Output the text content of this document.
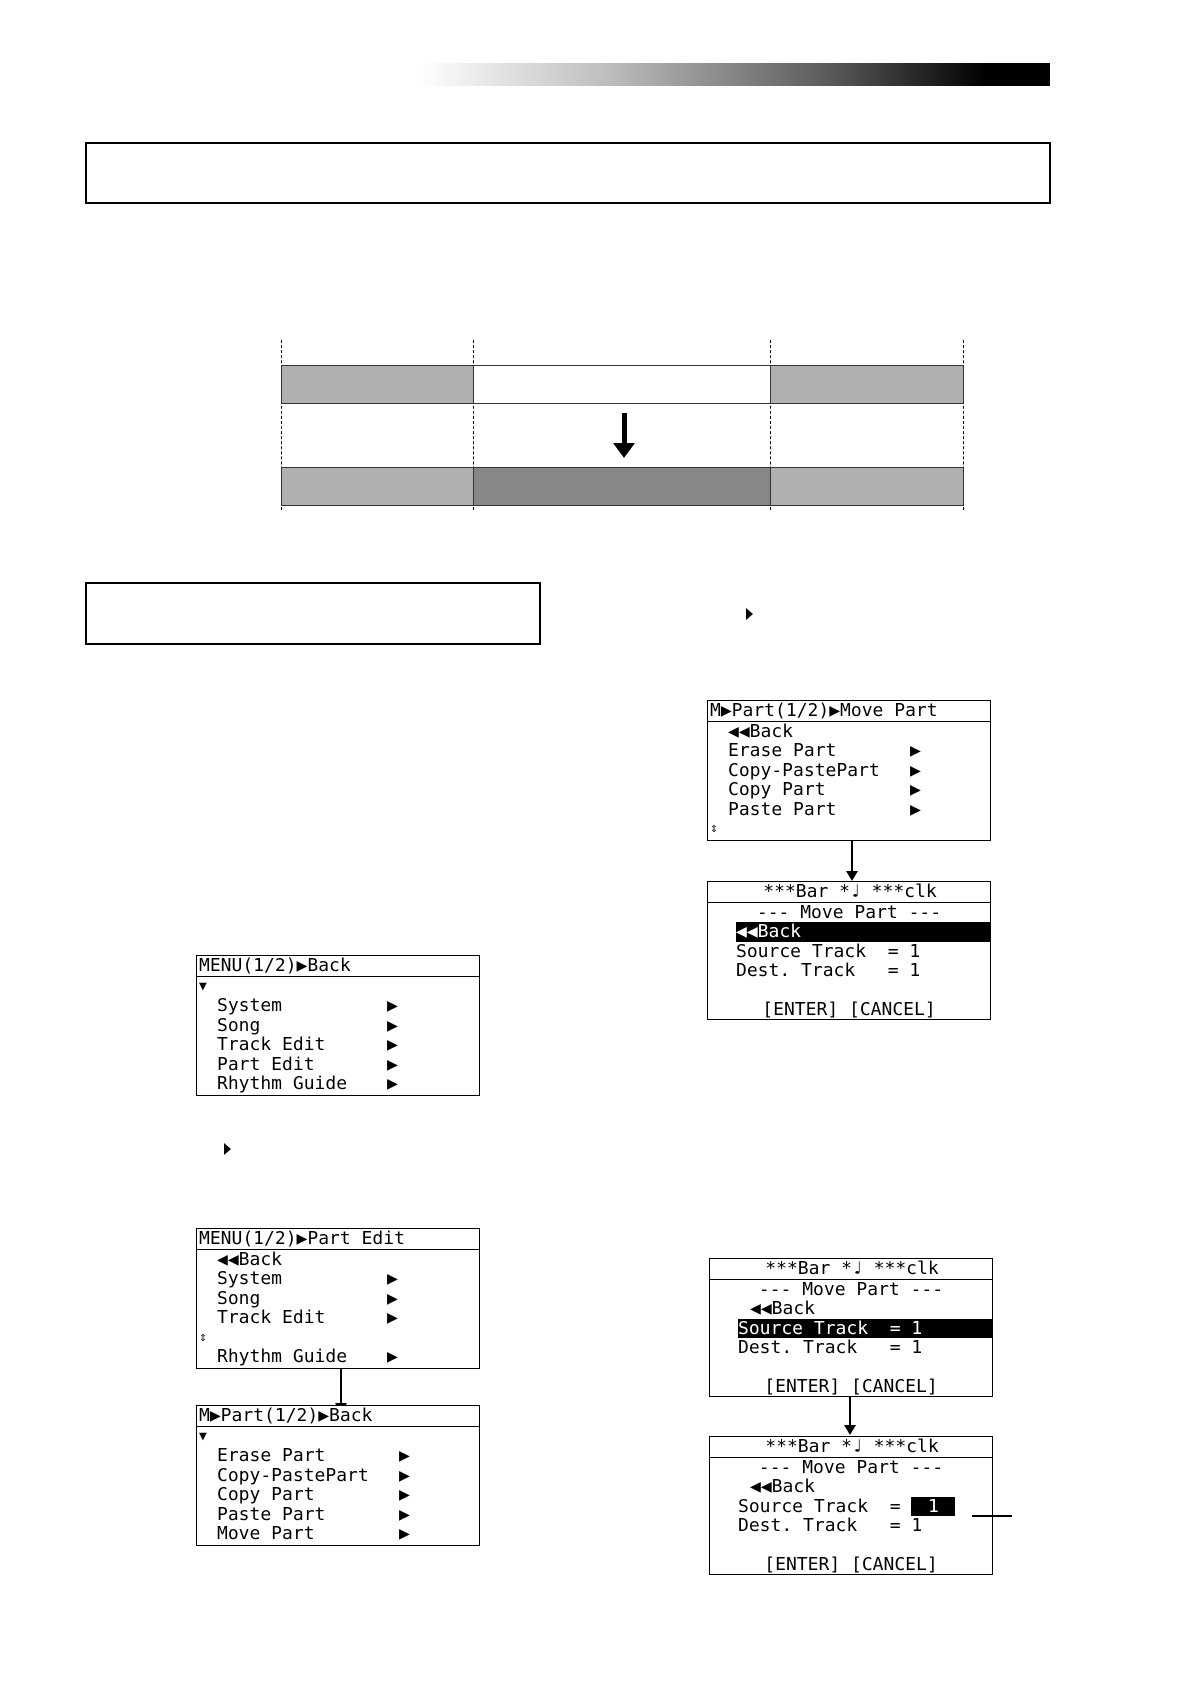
MENU(1/2)▶Back

▼

System	▶
Song	▶
Track Edit	▶
Part Edit	▶
Rhythm Guide ▶
MENU(1/2)▶Part Edit
◀◀Back
System	▶
Song	▶
Track Edit	▶

⇕

Rhythm Guide ▶
M▶Part(1/2)▶Back

▼

Erase Part	▶
Copy-PastePart ▶
Copy Part	▶
Paste Part	▶
Move Part	▶
M▶Part(1/2)▶Move Part
◀◀Back
Erase Part	▶
Copy-PastePart ▶
Copy Part	▶
Paste Part	▶

⇕

***Bar *♩ ***clk
--- Move Part ---
◀◀Back
Source Track  = 1
Dest. Track   = 1
[ENTER] [CANCEL]
***Bar *♩ ***clk
--- Move Part ---
◀◀Back
Source Track  = 1
Dest. Track   = 1
[ENTER] [CANCEL]
***Bar *♩ ***clk
--- Move Part ---
◀◀Back
Source Track  = 1
Dest. Track   = 1
[ENTER] [CANCEL]
